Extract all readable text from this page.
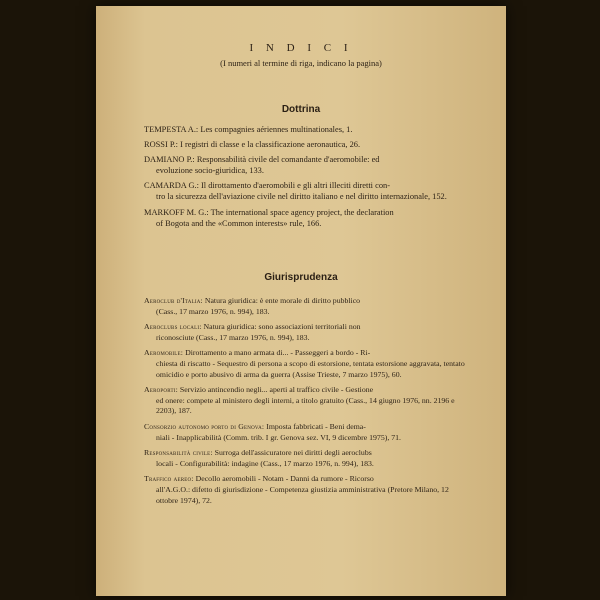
I N D I C I
(I numeri al termine di riga, indicano la pagina)
Dottrina
TEMPESTA A.: Les compagnies aériennes multinationales, 1.
ROSSI P.: I registri di classe e la classificazione aeronautica, 26.
DAMIANO P.: Responsabilità civile del comandante d'aeromobile: ed
evoluzione socio-giuridica, 133.
CAMARDA G.: Il dirottamento d'aeromobili e gli altri illeciti diretti con-
tro la sicurezza dell'aviazione civile nel diritto italiano e nel diritto internazionale, 152.
MARKOFF M. G.: The international space agency project, the declaration
of Bogota and the «Common interests» rule, 166.
Giurisprudenza
Aeroclub d'Italia: Natura giuridica: è ente morale di diritto pubblico
(Cass., 17 marzo 1976, n. 994), 183.
Aeroclubs locali: Natura giuridica: sono associazioni territoriali non
riconosciute (Cass., 17 marzo 1976, n. 994), 183.
Aeromobile: Dirottamento a mano armata di... - Passeggeri a bordo - Ri-
chiesta di riscatto - Sequestro di persona a scopo di estorsione, tentata estorsione aggravata, tentato omicidio e porto abusivo di arma da guerra (Assise Trieste, 7 marzo 1975), 60.
Aeroporti: Servizio antincendio negli... aperti al traffico civile - Gestione
ed onere: compete al ministero degli interni, a titolo gratuito (Cass., 14 giugno 1976, nn. 2196 e 2203), 187.
Consorzio autonomo porto di Genova: Imposta fabbricati - Beni dema-
niali - Inapplicabilità (Comm. trib. I gr. Genova sez. VI, 9 dicembre 1975), 71.
Responsabilità civile: Surroga dell'assicuratore nei diritti degli aeroclubs
locali - Configurabilità: indagine (Cass., 17 marzo 1976, n. 994), 183.
Traffico aereo: Decollo aeromobili - Notam - Danni da rumore - Ricorso
all'A.G.O.: difetto di giurisdizione - Competenza giustizia amministrativa (Pretore Milano, 12 ottobre 1974), 72.
